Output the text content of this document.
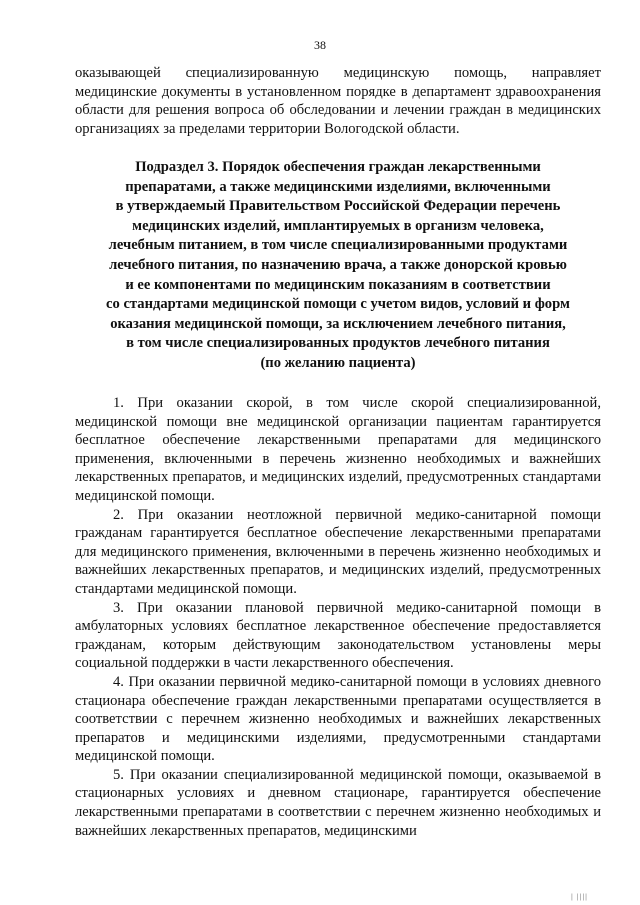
38

оказывающей специализированную медицинскую помощь, направляет медицинские документы в установленном порядке в департамент здравоохранения области для решения вопроса об обследовании и лечении граждан в медицинских организациях за пределами территории Вологодской области.

Подраздел 3. Порядок обеспечения граждан лекарственными
препаратами, а также медицинскими изделиями, включенными
в утверждаемый Правительством Российской Федерации перечень
медицинских изделий, имплантируемых в организм человека,
лечебным питанием, в том числе специализированными продуктами
лечебного питания, по назначению врача, а также донорской кровью
и ее компонентами по медицинским показаниям в соответствии
со стандартами медицинской помощи с учетом видов, условий и форм
оказания медицинской помощи, за исключением лечебного питания,
в том числе специализированных продуктов лечебного питания
(по желанию пациента)

1. При оказании скорой, в том числе скорой специализированной, медицинской помощи вне медицинской организации пациентам гарантируется бесплатное обеспечение лекарственными препаратами для медицинского применения, включенными в перечень жизненно необходимых и важнейших лекарственных препаратов, и медицинских изделий, предусмотренных стандартами медицинской помощи.

2. При оказании неотложной первичной медико-санитарной помощи гражданам гарантируется бесплатное обеспечение лекарственными препаратами для медицинского применения, включенными в перечень жизненно необходимых и важнейших лекарственных препаратов, и медицинских изделий, предусмотренных стандартами медицинской помощи.

3. При оказании плановой первичной медико-санитарной помощи в амбулаторных условиях бесплатное лекарственное обеспечение предоставляется гражданам, которым действующим законодательством установлены меры социальной поддержки в части лекарственного обеспечения.

4. При оказании первичной медико-санитарной помощи в условиях дневного стационара обеспечение граждан лекарственными препаратами осуществляется в соответствии с перечнем жизненно необходимых и важнейших лекарственных препаратов и медицинскими изделиями, предусмотренными стандартами медицинской помощи.

5. При оказании специализированной медицинской помощи, оказываемой в стационарных условиях и дневном стационаре, гарантируется обеспечение лекарственными препаратами в соответствии с перечнем жизненно необходимых и важнейших лекарственных препаратов, медицинскими

| ||||
